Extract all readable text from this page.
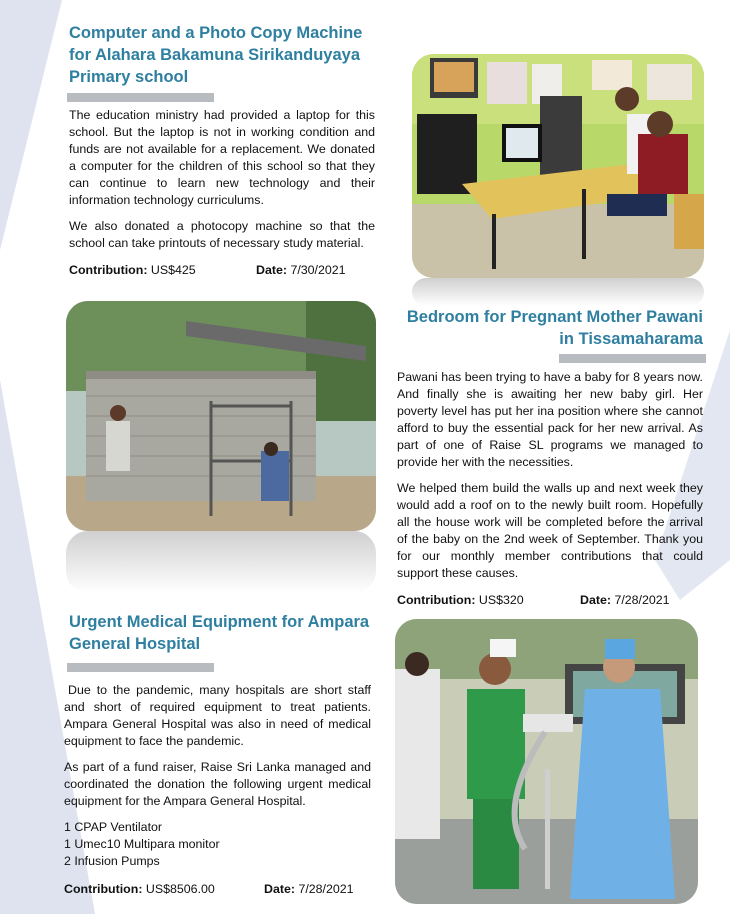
Computer and a Photo Copy Machine
for Alahara Bakamuna Sirikanduyaya
Primary school

The education ministry had provided a laptop for this school. But the laptop is not in working condition and funds are not available for a replacement. We donated a computer for the children of this school so that they can continue to learn new technology and their information technology curriculums.

We also donated a photocopy machine so that the school can take printouts of necessary study material.

Contribution: US$425	Date: 7/30/2021
Bedroom for Pregnant Mother Pawani
in Tissamaharama

Pawani has been trying to have a baby for 8 years now. And finally she is awaiting her new baby girl. Her poverty level has put her ina position where she cannot afford to buy the essential pack for her new arrival. As part of one of Raise SL programs we managed to provide her with the necessities.

We helped them build the walls up and next week they would add a roof on to the newly built room. Hopefully all the house work will be completed before the arrival of the baby on the 2nd week of September. Thank you for our monthly member contributions that could support these causes.

Contribution: US$320	Date: 7/28/2021
Urgent Medical Equipment for Ampara
General Hospital

Due to the pandemic, many hospitals are short staff and short of required equipment to treat patients. Ampara General Hospital was also in need of medical equipment to face the pandemic.

As part of a fund raiser, Raise Sri Lanka managed and coordinated the donation the following urgent medical equipment for the Ampara General Hospital.

1 CPAP Ventilator
1 Umec10 Multipara monitor
2 Infusion Pumps
Contribution: US$8506.00	Date: 7/28/2021
